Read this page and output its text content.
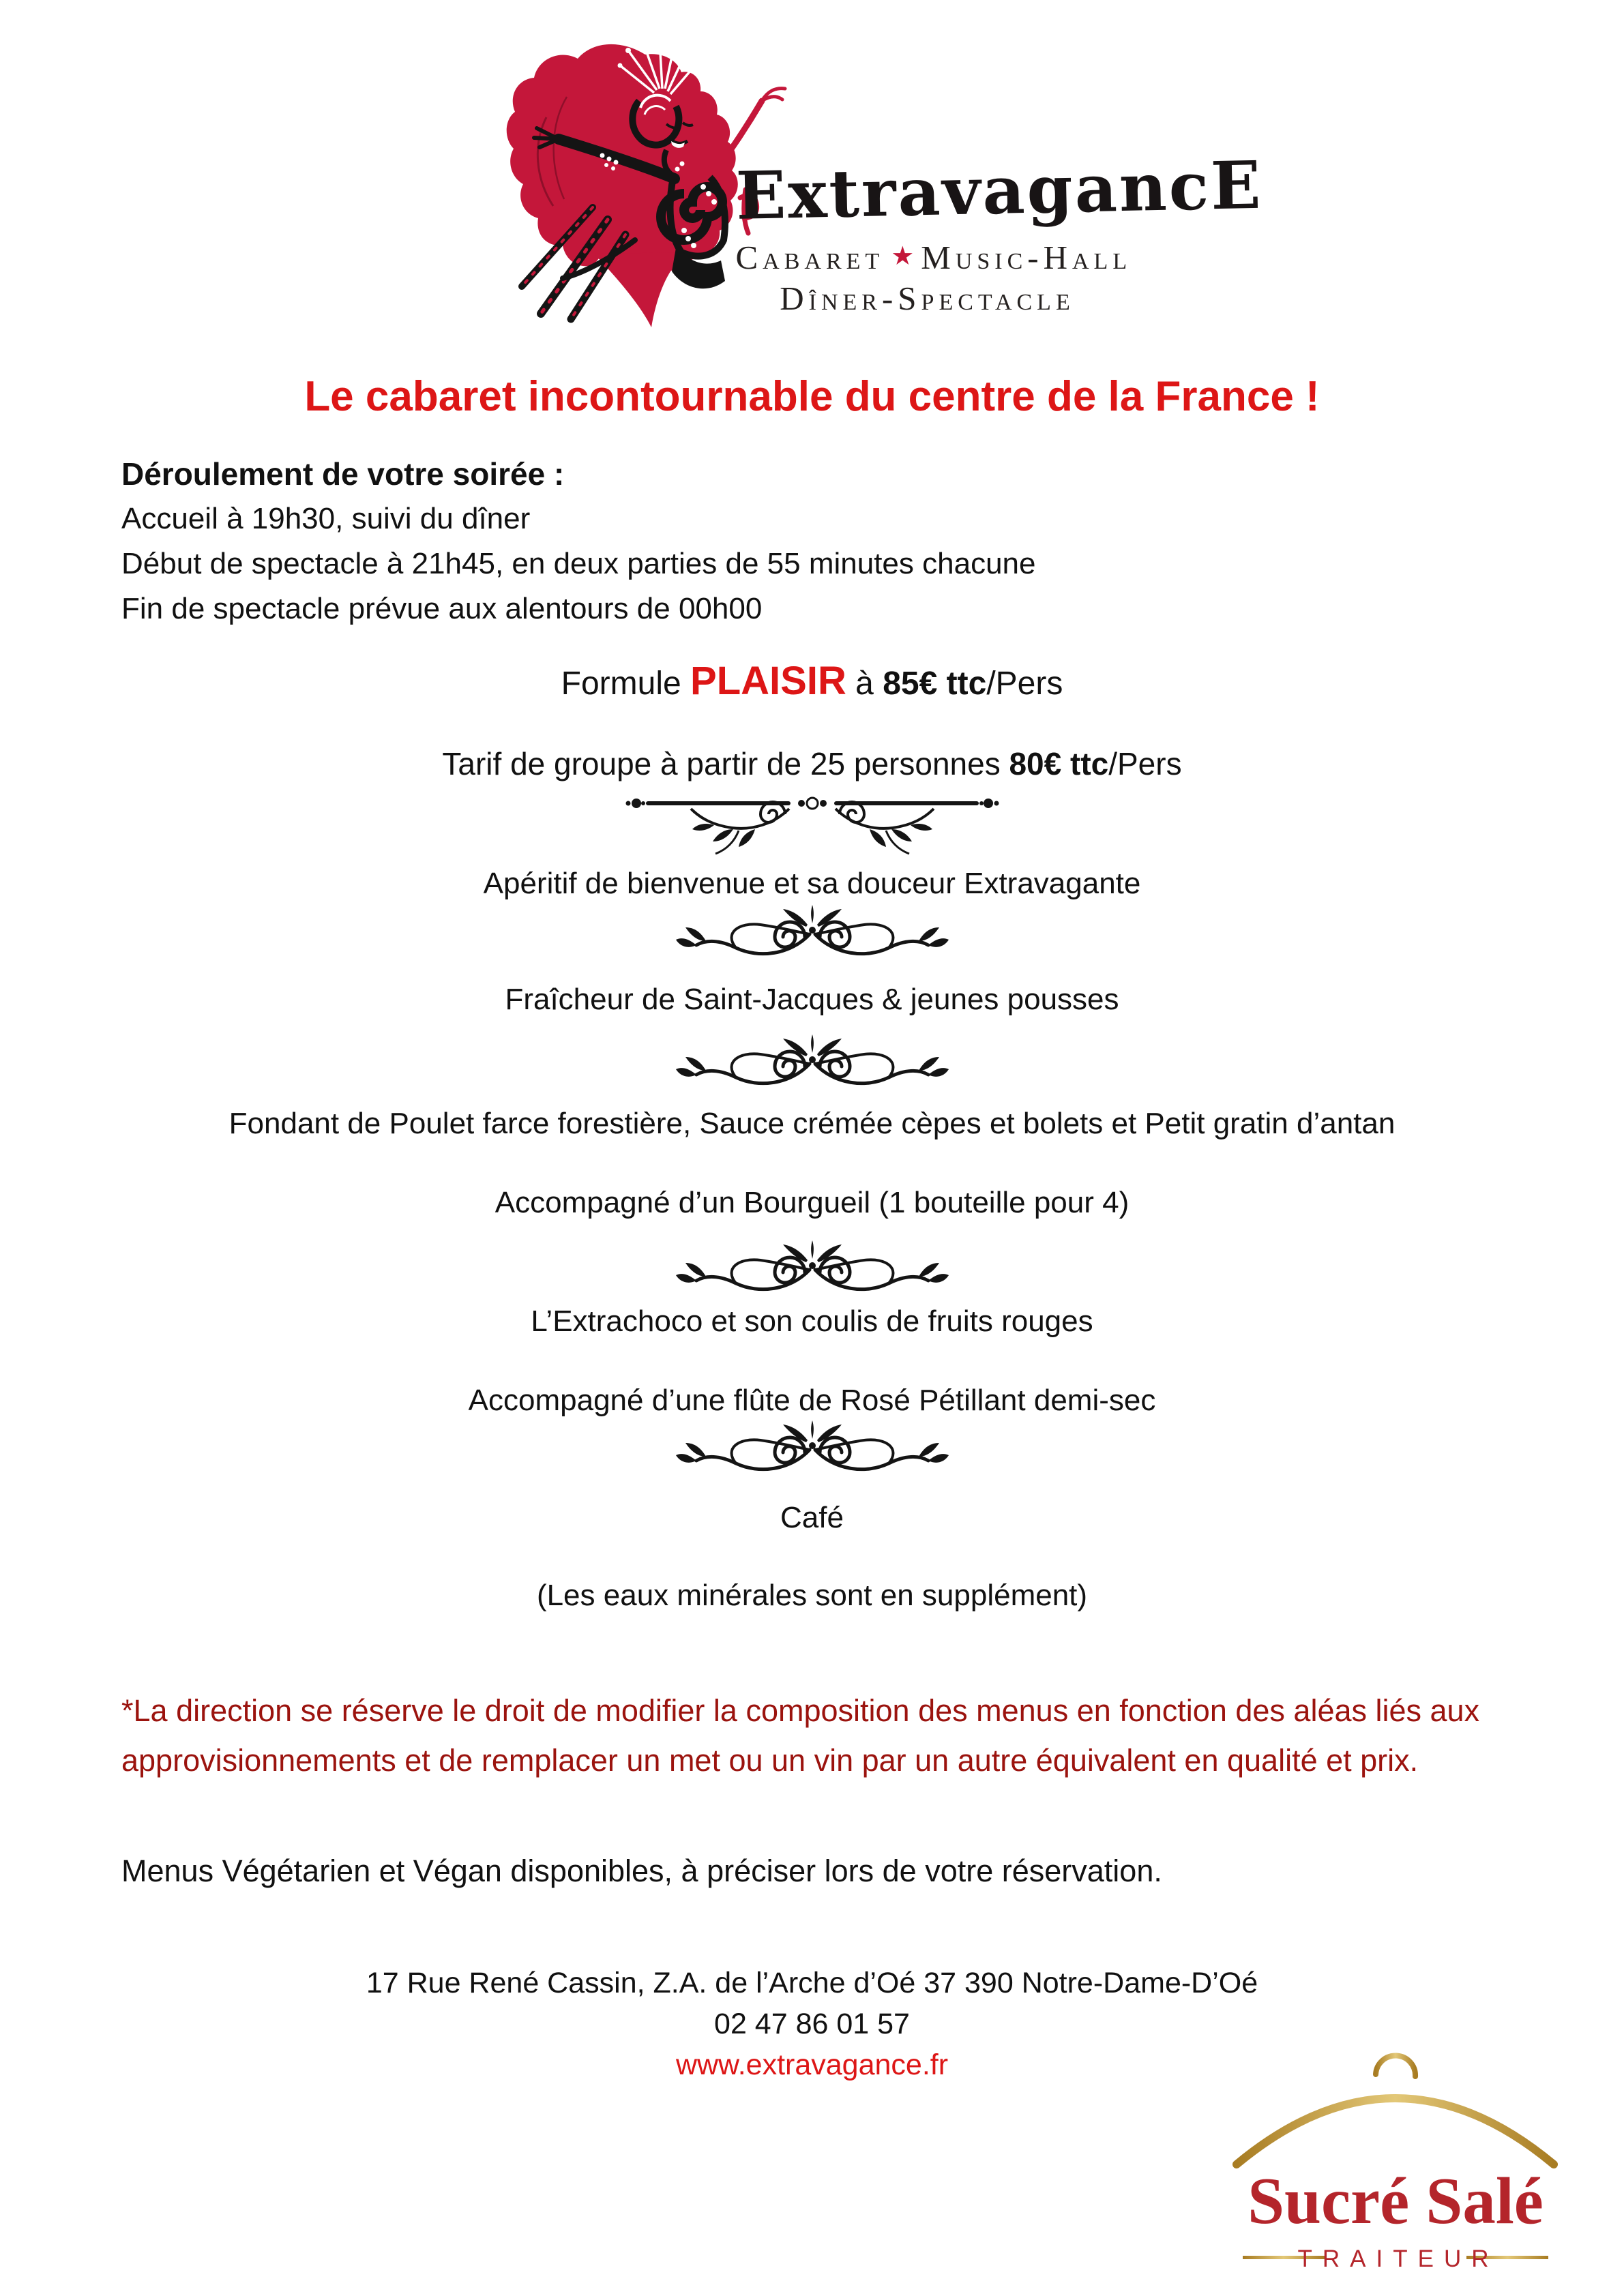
ExtravagancE
Cabaret ★ Music-Hall
Dîner-Spectacle
Le cabaret incontournable du centre de la France !
Déroulement de votre soirée :
Accueil à 19h30, suivi du dîner
Début de spectacle à 21h45, en deux parties de 55 minutes chacune
Fin de spectacle prévue aux alentours de 00h00
Formule PLAISIR à 85€ ttc/Pers
Tarif de groupe à partir de 25 personnes 80€ ttc/Pers
Apéritif de bienvenue et sa douceur Extravagante
Fraîcheur de Saint-Jacques & jeunes pousses
Fondant de Poulet farce forestière, Sauce crémée cèpes et bolets et Petit gratin d’antan
Accompagné d’un Bourgueil (1 bouteille pour 4)
L’Extrachoco et son coulis de fruits rouges
Accompagné d’une flûte de Rosé Pétillant demi-sec
Café
(Les eaux minérales sont en supplément)
*La direction se réserve le droit de modifier la composition des menus en fonction des aléas liés aux
approvisionnements et de remplacer un met ou un vin par un autre équivalent en qualité et prix.
Menus Végétarien et Végan disponibles, à préciser lors de votre réservation.
17 Rue René Cassin, Z.A. de l’Arche d’Oé 37 390 Notre-Dame-D’Oé
02 47 86 01 57
www.extravagance.fr
Sucré Salé
TRAITEUR
